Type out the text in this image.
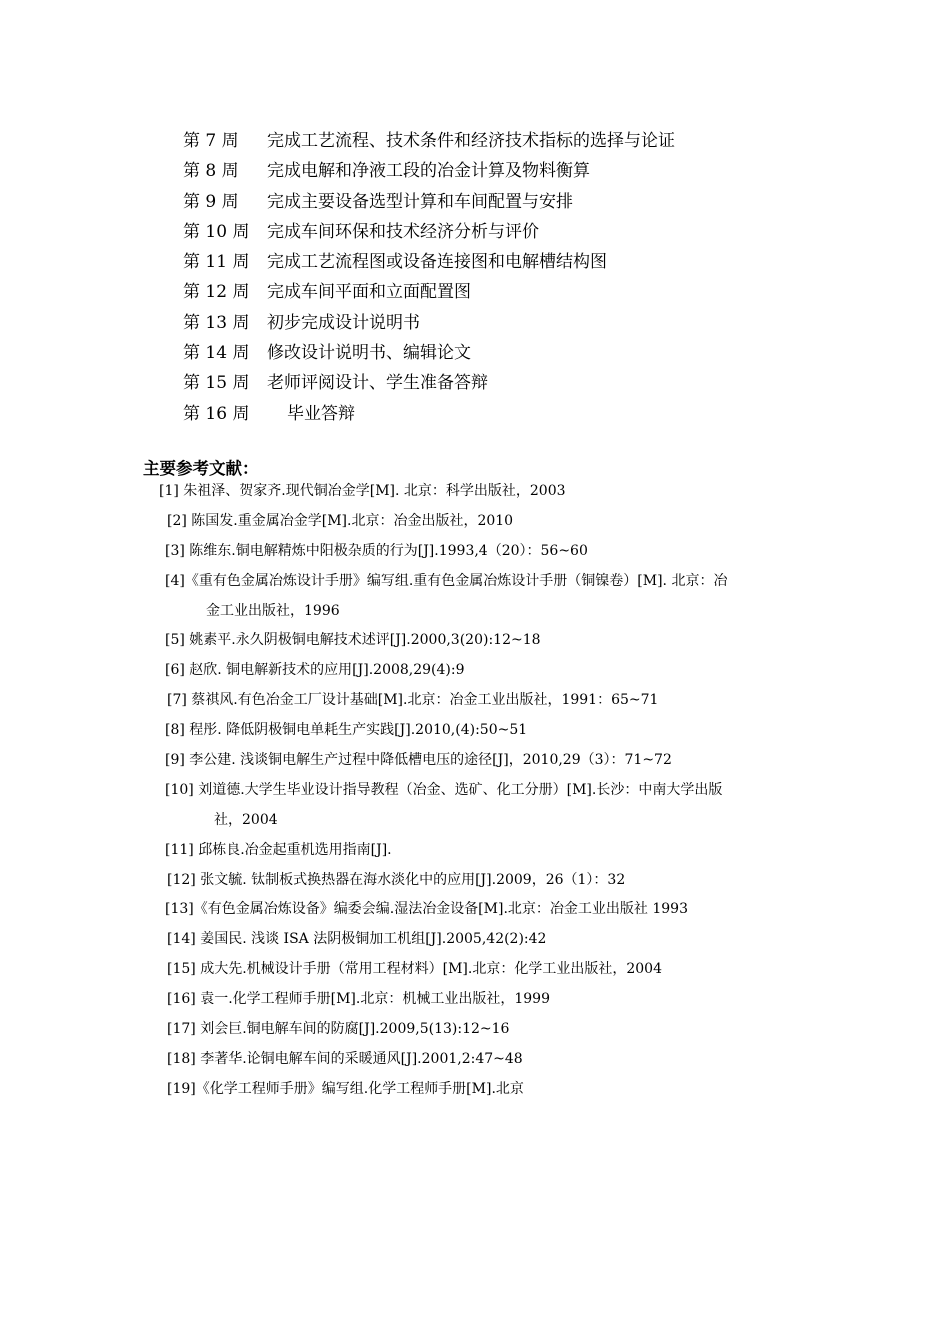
第 7 周	完成工艺流程、技术条件和经济技术指标的选择与论证
第 8 周	完成电解和净液工段的冶金计算及物料衡算
第 9 周	完成主要设备选型计算和车间配置与安排
第 10 周	完成车间环保和技术经济分析与评价
第 11 周	完成工艺流程图或设备连接图和电解槽结构图
第 12 周	完成车间平面和立面配置图
第 13 周	初步完成设计说明书
第 14 周	修改设计说明书、编辑论文
第 15 周	老师评阅设计、学生准备答辩
第 16 周	毕业答辩
主要参考文献：
[1] 朱祖泽、贺家齐.现代铜冶金学[M]. 北京：科学出版社，2003
[2] 陈国发.重金属冶金学[M].北京：冶金出版社，2010
[3] 陈维东.铜电解精炼中阳极杂质的行为[J].1993,4（20）：56~60
[4]《重有色金属冶炼设计手册》编写组.重有色金属冶炼设计手册（铜镍卷）[M]. 北京：冶
金工业出版社，1996
[5] 姚素平.永久阴极铜电解技术述评[J].2000,3(20):12~18
[6] 赵欣. 铜电解新技术的应用[J].2008,29(4):9
[7] 蔡祺风.有色冶金工厂设计基础[M].北京：冶金工业出版社，1991：65~71
[8] 程彤. 降低阴极铜电单耗生产实践[J].2010,(4):50~51
[9] 李公建. 浅谈铜电解生产过程中降低槽电压的途径[J]，2010,29（3）：71~72
[10] 刘道德.大学生毕业设计指导教程（冶金、选矿、化工分册）[M].长沙：中南大学出版
社，2004
[11] 邱栋良.冶金起重机选用指南[J].
[12] 张文毓. 钛制板式换热器在海水淡化中的应用[J].2009，26（1）：32
[13]《有色金属冶炼设备》编委会编.湿法冶金设备[M].北京：冶金工业出版社 1993
[14] 姜国民. 浅谈 ISA 法阴极铜加工机组[J].2005,42(2):42
[15] 成大先.机械设计手册（常用工程材料）[M].北京：化学工业出版社，2004
[16] 袁一.化学工程师手册[M].北京：机械工业出版社，1999
[17] 刘会巨.铜电解车间的防腐[J].2009,5(13):12~16
[18] 李著华.论铜电解车间的采暖通风[J].2001,2:47~48
[19]《化学工程师手册》编写组.化学工程师手册[M].北京
